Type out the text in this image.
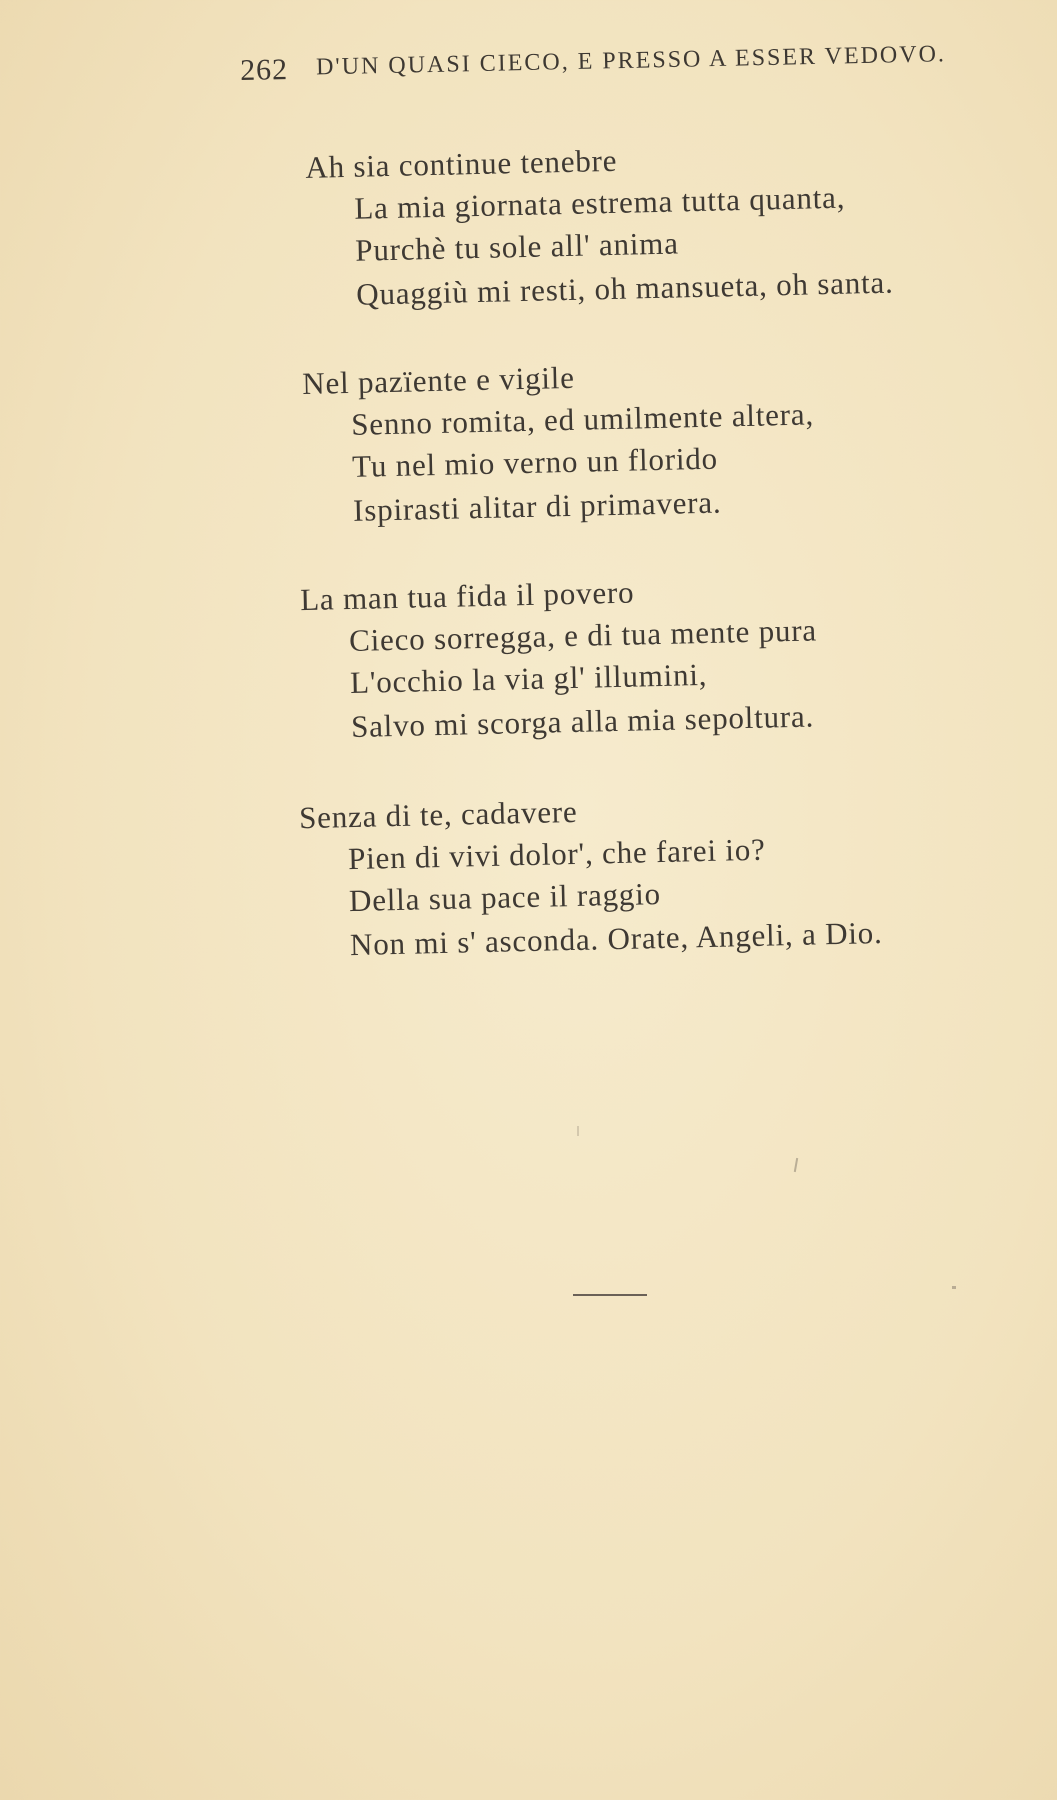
262 D'UN QUASI CIECO, E PRESSO A ESSER VEDOVO.
Ah sia continue tenebre
La mia giornata estrema tutta quanta,
Purchè tu sole all' anima
Quaggiù mi resti, oh mansueta, oh santa.
Nel pazïente e vigile
Senno romita, ed umilmente altera,
Tu nel mio verno un florido
Ispirasti alitar di primavera.
La man tua fida il povero
Cieco sorregga, e di tua mente pura
L'occhio la via gl' illumini,
Salvo mi scorga alla mia sepoltura.
Senza di te, cadavere
Pien di vivi dolor', che farei io?
Della sua pace il raggio
Non mi s' asconda. Orate, Angeli, a Dio.
